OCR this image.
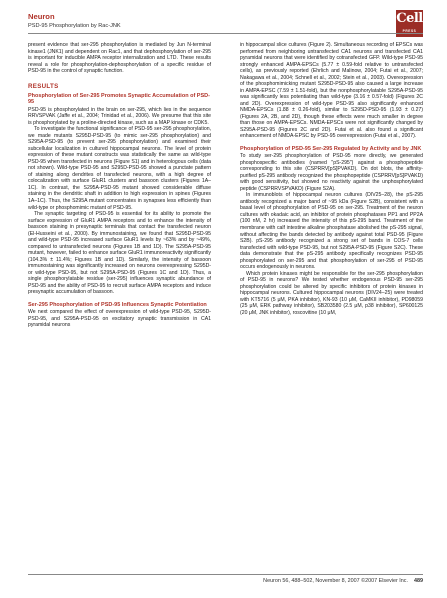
Neuron
PSD-95 Phosphorylation by Rac-JNK	Cell
PRESS

present evidence that ser-295 phosphorylation is mediated by Jun N-terminal kinase1 (JNK1) and dependent on Rac1, and that dephosphorylation of ser-295 is important for inducible AMPA receptor internalization and LTD. These results reveal a role for phosphorylation-dephosphorylation of a specific residue of PSD-95 in the control of synaptic function.

RESULTS
Phosphorylation of Ser-295 Promotes Synaptic Accumulation of PSD-95

PSD-95 is phosphorylated in the brain on ser-295, which lies in the sequence RRVSPVAK (Jaffe et al., 2004; Trinidad et al., 2006). We presume that this site is phosphorylated by a proline-directed kinase, such as a MAP kinase or CDK5.

To investigate the functional significance of PSD-95 ser-295 phosphorylation, we made mutants S295D-PSD-95 (to mimic ser-295 phosphorylation) and S295A-PSD-95 (to prevent ser-295 phosphorylation) and examined their subcellular localization in cultured hippocampal neurons. The level of protein expression of these mutant constructs was statistically the same as wild-type PSD-95 when transfected in neurons (Figure S1) and in heterologous cells (data not shown). Wild-type PSD-95 and S295D-PSD-95 showed a punctate pattern of staining along dendrites of transfected neurons, with a high degree of colocalization with surface GluR1 clusters and bassoon clusters (Figures 1A–1C). In contrast, the S295A-PSD-95 mutant showed considerable diffuse staining in the dendritic shaft in addition to high expression in spines (Figures 1A–1C). Thus, the S295A mutant concentrates in synapses less efficiently than wild-type or phosphomimic mutant of PSD-95.

The synaptic targeting of PSD-95 is essential for its ability to promote the surface expression of GluR1 AMPA receptors and to enhance the intensity of bassoon staining in presynaptic terminals that contact the transfected neuron (El-Husseini et al., 2000). By immunostaining, we found that S295D-PSD-95 and wild-type PSD-95 increased surface GluR1 levels by ~63% and by ~49%, compared to untransfected neurons (Figures 1B and 1D). The S295A-PSD-95 mutant, however, failed to enhance surface GluR1 immunoreactivity significantly (104.3% ± 11.4%; Figures 1B and 1D). Similarly, the intensity of bassoon immunostaining was significantly increased on neurons overexpressing S295D- or wild-type PSD-95, but not S295A-PSD-95 (Figures 1C and 1D). Thus, a single phosphorylatable residue (ser-295) influences synaptic abundance of PSD-95 and the ability of PSD-95 to recruit surface AMPA receptors and induce presynaptic accumulation of bassoon.

Ser-295 Phosphorylation of PSD-95 Influences Synaptic Potentiation

We next compared the effect of overexpression of wild-type PSD-95, S295D-PSD-95, and S295A-PSD-95 on excitatory synaptic transmission in CA1 pyramidal neurons

in hippocampal slice cultures (Figure 2). Simultaneous recording of EPSCs was performed from neighboring untransfected CA1 neurons and transfected CA1 pyramidal neurons that were identified by cotransfected GFP. Wild-type PSD-95 strongly enhanced AMPA-EPSCs (5.77 ± 0.59-fold relative to untransfected cells), as previously reported (Ehrlich and Malinow, 2004; Futai et al., 2007; Nakagawa et al., 2004; Schnell et al., 2002; Stein et al., 2003). Overexpression of the phosphomimicking mutant S295D-PSD-95 also caused a large increase in AMPA-EPSC (7.59 ± 1.51-fold), but the nonphosphorylatable S295A-PSD-95 was significantly less potentiating than wild-type (3.16 ± 0.57-fold) (Figures 2C and 2D). Overexpression of wild-type PSD-95 also significantly enhanced NMDA-EPSCs (1.88 ± 0.26-fold), similar to S295D-PSD-95 (1.93 ± 0.27) (Figures 2A, 2B, and 2D), though these effects were much smaller in degree than those on AMPA-EPSCs. NMDA-EPSCs were not significantly changed by S295A-PSD-95 (Figures 2C and 2D). Futai et al. also found a significant enhancement of NMDA-EPSC by PSD-95 overexpression (Futai et al., 2007).

Phosphorylation of PSD-95 Ser-295 Regulated by Activity and by JNK

To study ser-295 phosphorylation of PSD-95 more directly, we generated phosphospecific antibodies (named "pS-295") against a phosphopeptide corresponding to this site (CSPRRV[pS]PVAKD). On dot blots, the affinity-purified pS-295 antibody recognized the phosphopeptide (CSPRRV[pS]PVAKD) with good sensitivity, but showed no reactivity against the unphosphorylated peptide (CSPRRVSPVAKD) (Figure S2A).

In immunoblots of hippocampal neuron cultures (DIV25–28), the pS-295 antibody recognized a major band of ~95 kDa (Figure S2B), consistent with a basal level of phosphorylation of PSD-95 on ser-295. Treatment of the neuron cultures with okadaic acid, an inhibitor of protein phosphatases PP1 and PP2A (100 nM, 2 hr) increased the intensity of this pS-295 band. Treatment of the membrane with calf intestine alkaline phosphatase abolished the pS-295 signal, without affecting the bands detected by antibody against total PSD-95 (Figure S2B). pS-295 antibody recognized a strong set of bands in COS-7 cells transfected with wild-type PSD-95, but not S295A-PSD-95 (Figure S2C). These data demonstrate that the pS-295 antibody specifically recognizes PSD-95 phosphorylated on ser-295 and that phosphorylation of ser-295 of PSD-95 occurs endogenously in neurons.

Which protein kinases might be responsible for the ser-295 phosphorylation of PSD-95 in neurons? We tested whether endogenous PSD-95 ser-295 phosphorylation could be altered by specific inhibitors of protein kinases in hippocampal neurons. Cultured hippocampal neurons (DIV24–25) were treated with KT5716 (5 μM, PKA inhibitor), KN-93 (10 μM, CaMKII inhibitor), PD98059 (25 μM, ERK pathway inhibitor), SB203580 (2.5 μM, p38 inhibitor), SP600125 (20 μM, JNK inhibitor), roscovitine (10 μM,

Neuron 56, 488–502, November 8, 2007 ©2007 Elsevier Inc. 489
